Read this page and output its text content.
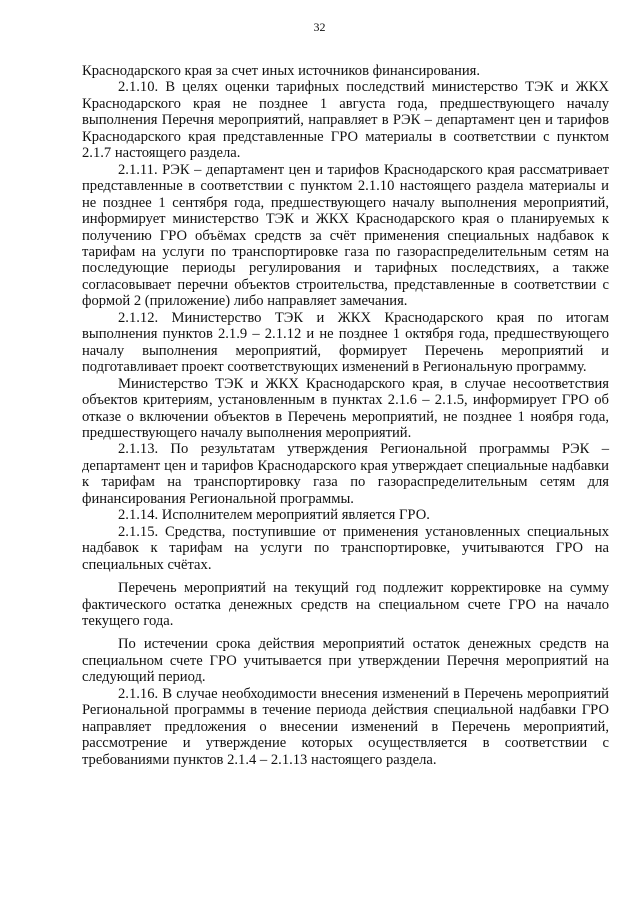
32

Краснодарского края за счет иных источников финансирования.

2.1.10. В целях оценки тарифных последствий министерство ТЭК и ЖКХ Краснодарского края не позднее 1 августа года, предшествующего началу выполнения Перечня мероприятий, направляет в РЭК – департамент цен и тарифов Краснодарского края представленные ГРО материалы в соответствии с пунктом 2.1.7 настоящего раздела.

2.1.11. РЭК – департамент цен и тарифов Краснодарского края рассматривает представленные в соответствии с пунктом 2.1.10 настоящего раздела материалы и не позднее 1 сентября года, предшествующего началу выполнения мероприятий, информирует министерство ТЭК и ЖКХ Краснодарского края о планируемых к получению ГРО объёмах средств за счёт применения специальных надбавок к тарифам на услуги по транспортировке газа по газораспределительным сетям на последующие периоды регулирования и тарифных последствиях, а также согласовывает перечни объектов строительства, представленные в соответствии с формой 2 (приложение) либо направляет замечания.

2.1.12. Министерство ТЭК и ЖКХ Краснодарского края по итогам выполнения пунктов 2.1.9 – 2.1.12 и не позднее 1 октября года, предшествующего началу выполнения мероприятий, формирует Перечень мероприятий и подготавливает проект соответствующих изменений в Региональную программу.

Министерство ТЭК и ЖКХ Краснодарского края, в случае несоответствия объектов критериям, установленным в пунктах 2.1.6 – 2.1.5, информирует ГРО об отказе о включении объектов в Перечень мероприятий, не позднее 1 ноября года, предшествующего началу выполнения мероприятий.

2.1.13. По результатам утверждения Региональной программы РЭК – департамент цен и тарифов Краснодарского края утверждает специальные надбавки к тарифам на транспортировку газа по газораспределительным сетям для финансирования Региональной программы.

2.1.14. Исполнителем мероприятий является ГРО.

2.1.15. Средства, поступившие от применения установленных специальных надбавок к тарифам на услуги по транспортировке, учитываются ГРО на специальных счётах.

Перечень мероприятий на текущий год подлежит корректировке на сумму фактического остатка денежных средств на специальном счете ГРО на начало текущего года.

По истечении срока действия мероприятий остаток денежных средств на специальном счете ГРО учитывается при утверждении Перечня мероприятий на следующий период.

2.1.16. В случае необходимости внесения изменений в Перечень мероприятий Региональной программы в течение периода действия специальной надбавки ГРО направляет предложения о внесении изменений в Перечень мероприятий, рассмотрение и утверждение которых осуществляется в соответствии с требованиями пунктов 2.1.4 – 2.1.13 настоящего раздела.
